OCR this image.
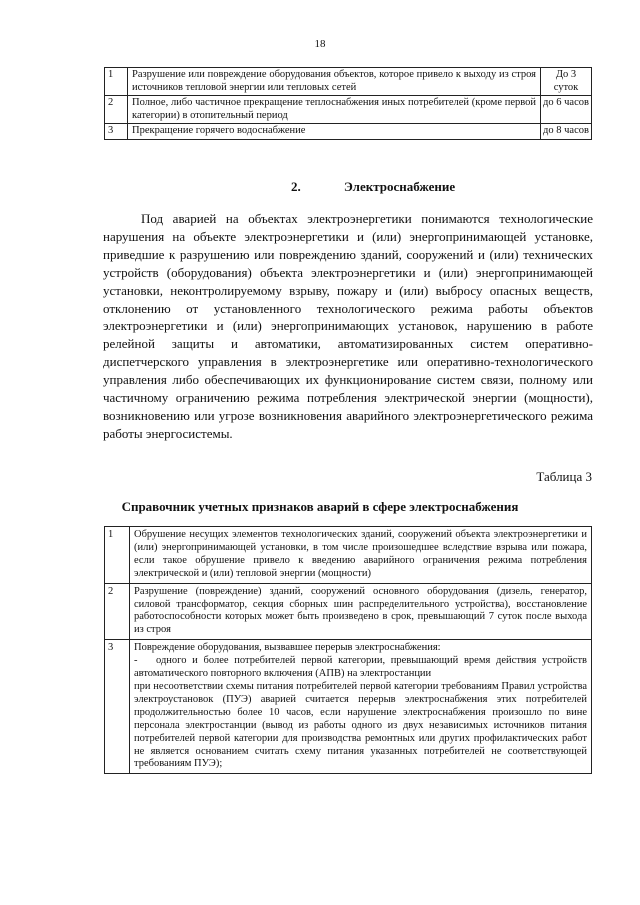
18
1	Разрушение или повреждение оборудования объектов, которое привело к выходу из строя источников тепловой энергии или тепловых сетей	До 3 суток
2	Полное, либо частичное прекращение теплоснабжения иных потребителей (кроме первой категории) в отопительный период	до 6 часов
3	Прекращение горячего водоснабжение	до 8 часов
2.	Электроснабжение
Под аварией на объектах электроэнергетики понимаются технологические нарушения на объекте электроэнергетики и (или) энергопринимающей установке, приведшие к разрушению или повреждению зданий, сооружений и (или) технических устройств (оборудования) объекта электроэнергетики и (или) энергопринимающей установки, неконтролируемому взрыву, пожару и (или) выбросу опасных веществ, отклонению от установленного технологического режима работы объектов электроэнергетики и (или) энергопринимающих установок, нарушению в работе релейной защиты и автоматики, автоматизированных систем оперативно-диспетчерского управления в электроэнергетике или оперативно-технологического управления либо обеспечивающих их функционирование систем связи, полному или частичному ограничению режима потребления электрической энергии (мощности), возникновению или угрозе возникновения аварийного электроэнергетического режима работы энергосистемы.
Таблица 3
Справочник учетных признаков аварий в сфере электроснабжения
1	Обрушение несущих элементов технологических зданий, сооружений объекта электроэнергетики и (или) энергопринимающей установки, в том числе произошедшее вследствие взрыва или пожара, если такое обрушение привело к введению аварийного ограничения режима потребления электрической и (или) тепловой энергии (мощности)
2	Разрушение (повреждение) зданий, сооружений основного оборудования (дизель, генератор, силовой трансформатор, секция сборных шин распределительного устройства), восстановление работоспособности которых может быть произведено в срок, превышающий 7 суток после выхода из строя
3	Повреждение оборудования, вызвавшее перерыв электроснабжения:
- одного и более потребителей первой категории, превышающий время действия устройств автоматического повторного включения (АПВ) на электростанции
при несоответствии схемы питания потребителей первой категории требованиям Правил устройства электроустановок (ПУЭ) аварией считается перерыв электроснабжения этих потребителей продолжительностью более 10 часов, если нарушение электроснабжения произошло по вине персонала электростанции (вывод из работы одного из двух независимых источников питания потребителей первой категории для производства ремонтных или других профилактических работ не является основанием считать схему питания указанных потребителей не соответствующей требованиям ПУЭ);
